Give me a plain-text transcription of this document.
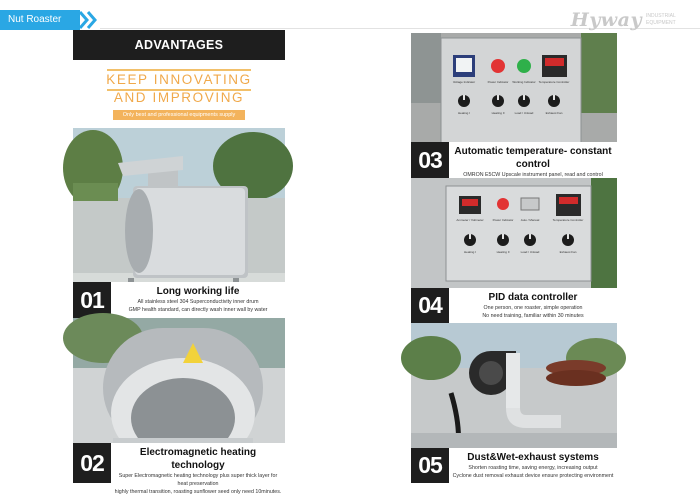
Nut Roaster	Hyway INDUSTRIAL EQUIPMENT
ADVANTAGES
KEEP INNOVATING
AND IMPROVING
Only best and professional equipments supply
01	Long working life
All stainless steel 304 Superconductivity inner drum
GMP health standard, can directly wash inner wall by water
02	Electromagnetic heating technology
Super Electromagnetic heating technology plus super thick layer for heat preservation
highly thermal transition, roasting sunflower seed only need 10minutes.
Voltage Indicator	Power Indicator Working Indicator Temperature Controller
Heating I	Heating II	Load / Unload	Exhaust Fan
03	Automatic temperature- constant control
OMRON E5CW Upscale instrument panel, read and control
Ammeter / Voltmeter	Power Indicator Auto / Manual	Temperature Controller
Heating I	Heating II	Load / Unload	Exhaust Fan
04	PID data controller
One person, one roaster, simple operation
No need training, familiar within 30 minutes
05	Dust&Wet-exhaust systems
Shorten roasting time, saving energy, increasing output
Cyclone dust removal exhaust device ensure protecting environment
